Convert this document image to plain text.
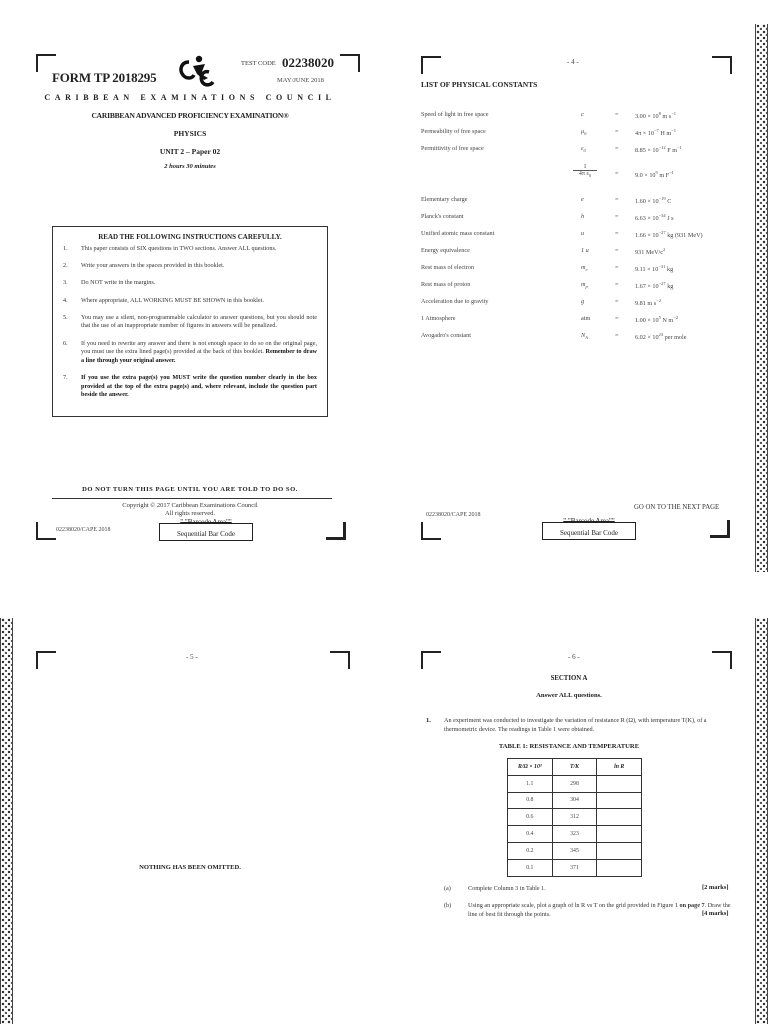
FORM TP 2018295
TEST CODE 02238020
MAY/JUNE 2018
CARIBBEAN EXAMINATIONS COUNCIL
CARIBBEAN ADVANCED PROFICIENCY EXAMINATION®
PHYSICS
UNIT 2 – Paper 02
2 hours 30 minutes
READ THE FOLLOWING INSTRUCTIONS CAREFULLY.
1.	This paper consists of SIX questions in TWO sections. Answer ALL questions.
2.	Write your answers in the spaces provided in this booklet.
3.	Do NOT write in the margins.
4.	Where appropriate, ALL WORKING MUST BE SHOWN in this booklet.
5.	You may use a silent, non-programmable calculator to answer questions, but you should note that the use of an inappropriate number of figures in answers will be penalized.
6.	If you need to rewrite any answer and there is not enough space to do so on the original page, you must use the extra lined page(s) provided at the back of this booklet. Remember to draw a line through your original answer.
7.	If you use the extra page(s) you MUST write the question number clearly in the box provided at the top of the extra page(s) and, where relevant, include the question part beside the answer.
DO NOT TURN THIS PAGE UNTIL YOU ARE TOLD TO DO SO.
Copyright © 2017 Caribbean Examinations Council
All rights reserved.
02238020/CAPE 2018
" "Barcode Area""
Sequential Bar Code
- 4 -
LIST OF PHYSICAL CONSTANTS
Speed of light in free space	c	=	$3.00 \times 10^8$ m $s^{-1}$
Permeability of free space	$\mu_0$	=	$4\pi \times 10^{-7}$ H $m^{-1}$
Permittivity of free space	$\varepsilon_0$	=	$8.85 \times 10^{-12}$ F $m^{-1}$
$\frac{1}{4\pi \varepsilon_0}$	=	$9.0 \times 10^9$ m $F^{-1}$
Elementary charge	e	=	$1.60 \times 10^{-19}$ C
Planck's constant	h	=	$6.63 \times 10^{-34}$ J s
Unified atomic mass constant	u	=	$1.66 \times 10^{-27}$ kg (931 MeV)
Energy equivalence	1 u	=	931 MeV/$c^2$
Rest mass of electron	$m_e$	=	$9.11 \times 10^{-31}$ kg
Rest mass of proton	$m_p$	=	$1.67 \times 10^{-27}$ kg
Acceleration due to gravity	g	=	9.81 m $s^{-2}$
1 Atmosphere	atm	=	$1.00 \times 10^5$ N $m^{-2}$
Avogadro's constant	$N_A$	=	$6.02 \times 10^{23}$ per mole
GO ON TO THE NEXT PAGE
02238020/CAPE 2018
" "Barcode Area""
Sequential Bar Code
- 5 -
NOTHING HAS BEEN OMITTED.
- 6 -
SECTION A
Answer ALL questions.
1. An experiment was conducted to investigate the variation of resistance R (Ω), with temperature T(K), of a thermometric device. The readings in Table 1 were obtained.
TABLE 1: RESISTANCE AND TEMPERATURE
R/Ω × 10³	T/K	ln R
1.1	298	
0.8	304	
0.6	312	
0.4	323	
0.2	345	
0.1	371	
(a)	Complete Column 3 in Table 1.	[2 marks]
(b)	Using an appropriate scale, plot a graph of ln R vs T on the grid provided in Figure 1 on page 7. Draw the line of best fit through the points.	[4 marks]
